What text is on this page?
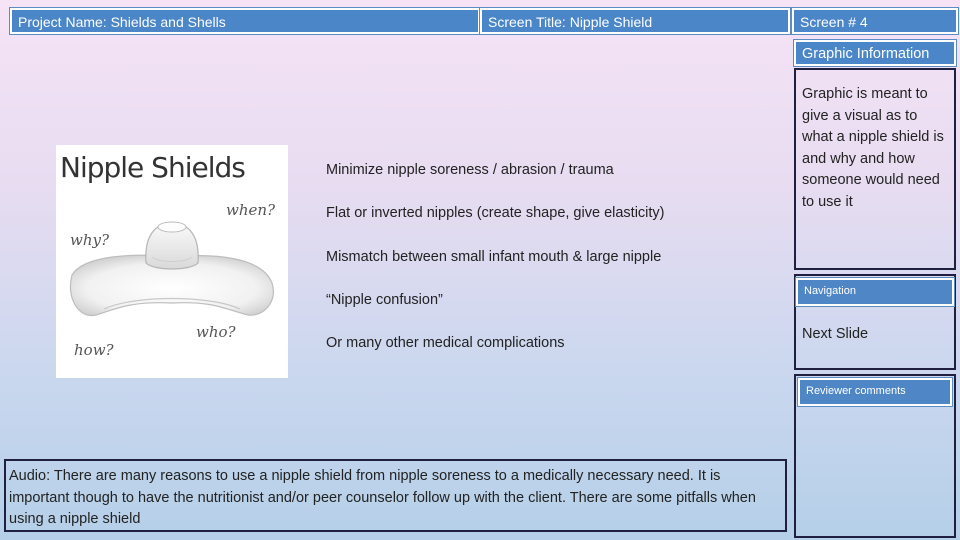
Project Name: Shields and Shells	Screen Title: Nipple Shield	Screen # 4
Graphic Information
Graphic is meant to give a visual as to what a nipple shield is and why and how someone would need to use it
Nipple Shields
when?
why?
who?
how?
Minimize nipple soreness / abrasion / trauma
Flat or inverted nipples (create shape, give elasticity)
Mismatch between small infant mouth & large nipple
“Nipple confusion”
Or many other medical complications
Navigation
Next Slide
Reviewer comments
Audio: There are many reasons to use a nipple shield from nipple soreness to a medically necessary need. It is important though to have the nutritionist and/or peer counselor follow up with the client. There are some pitfalls when using a nipple shield
